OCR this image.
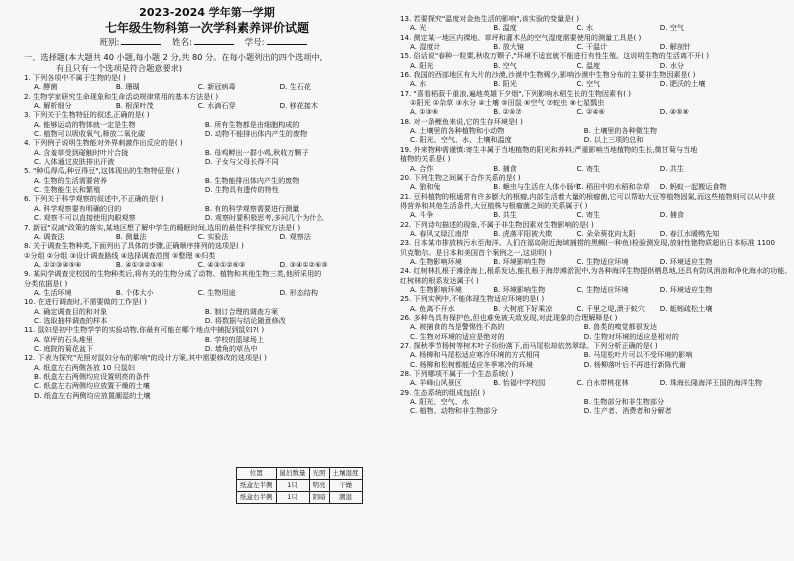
2023-2024 学年第一学期
七年级生物科第一次学科素养评价试题
班别:	姓名:	学号:
一、选择题(本大题共 40 小题,每小题 2 分,共 80 分。在每小题列出的四个选项中,
有且只有一个选项是符合题意要求)
1. 下列各项中不属于生物的是( )
A. 酵菌	B. 珊瑚	C. 新冠病毒	D. 生石花
2. 生物学家研究生命现象和生命活动规律常用的基本方法是( )
A. 解析细分	B. 根深叶茂	C. 水滴石穿	D. 移花接木
3. 下列关于生物特征的叙述,正确的是( )
A. 能够运动的物体就一定是生物	B. 所有生物都是由细胞构成的
C. 植物可以吸收氧气,释放二氧化碳	D. 动物不能排出体内产生的废物
4. 下列例子说明生物能对外界刺激作出反应的是( )
A. 含羞草受到碰触时叶片合拢	B. 母鸡孵出一群小鸡,秋收万颗子
C. 人体通过皮肤排出汗液	D. 子女与父母长得不同
5. "种瓜得瓜,种豆得豆",这体现出的生物特征是( )
A. 生物的生活需要营养	B. 生物能排出体内产生的废物
C. 生物能生长和繁殖	D. 生物具有遗传的特性
6. 下列关于科学观察的叙述中,不正确的是( )
A. 科学观察要有明确的目的	B. 有的科学观察需要进行测量
C. 观察不可以直接使用肉眼观察	D. 观察时要积极思考,多问几个为什么
7. 新冠"双减"政策的落实,某地区想了解中学生的睡眠时间,选用的最佳科学探究方法是( )
A. 调查法	B. 测量法	C. 实验法	D. 观察法
8. 关于调查生物种类,下面列出了具体的步骤,正确顺序排列的选项是( )
①分组 ②分组 ③设计调查路线 ④选择调查范围 ⑤整理 ⑥归类
A. ①②③④⑤⑥	B. ④①③②⑤⑥	C. ④③①②⑥⑤	D. ③④①②⑥⑤
9. 某同学调查完校园的生物种类后,将有关的生物分成了动物、植物和其他生物三类,他所采用的
分类依据是( )
A. 生活环境	B. 个体大小	C. 生物用途	D. 形态结构
10. 在进行调查时,不需要做的工作是( )
A. 确定调查目的和对象	B. 制订合理的调查方案
C. 选取抽样调查的样本	D. 将数据与结论随意修改
11. 鼠妇是初中生物学学的实验动物,你最有可能在哪个地点中捕捉到鼠妇?( )
A. 草坪的石头堆里	B. 学校的篮球场上
C. 庭院的菊花盆下	D. 墙角的草丛中
12. 下表为探究"光照对鼠妇分布的影响"的设计方案,其中需要修改的选项是( )
A. 纸盒左右两侧各放 10 只鼠妇
B. 纸盒左右两侧均应设置明亮的条件
C. 纸盒左右两侧均应放置干燥的土壤
D. 纸盒左右两侧均应放置潮湿的土壤
位置	鼠妇数量	光照	土壤湿度
纸盒左半侧	1只	明亮	干燥
纸盒右半侧	1只	阴暗	潮湿
13. 若要探究"温度对金鱼生活的影响",该实验的变量是( )
A. 光	B. 温度	C. 水	D. 空气
14. 测定某一地区内裸地、草坪和灌木丛的空气湿度需要使用的测量工具是( )
A. 湿度计	B. 放大镜	C. 干温计	D. 解剖针
15. 俗话说"春种一粒粟,秋收万颗子,"环境不适宜就不能进行有性生殖。这说明生物的生活离不开( )
A. 阳光	B. 空气	C. 温度	D. 水分
16. 我国的西部地区有大片的沙漠,沙漠中生物稀少,影响沙漠中生物分布的主要非生物因素是( )
A. 水	B. 阳光	C. 空气	D. 肥沃的土壤
17. "喜看稻菽千重浪,遍地英雄下夕烟",下列影响水稻生长的生物因素有( )
①阳光 ②杂草 ③水分 ④土壤 ⑤田鼠 ⑥空气 ⑦蛇虫 ⑧七星瓢虫
A. ①③⑥	B. ②⑤⑦	C. ②④⑥	D. ④⑤⑧
18. 对一条鲤鱼来说,它的生存环境是( )
A. 土壤里的各种植物和小动物	B. 土壤里的各种微生物
C. 阳光、空气、水、土壤和温度	D. 以上三项的总和
19. 外来物种需谨慎:寄生丰属于当地植物的阳光和养料;严重影响当地植物的生长,微甘菊与当地
植物的关系是( )
A. 合作	B. 捕食	C. 寄生	D. 共生
20. 下列生物之间属于合作关系的是( )
A. 狼和兔	B. 蛔虫与生活在人体小肠中C. 稻田中的水稻和杂草 D. 蚂蚁一起搬运食物
21. 豆科植物的根通常有许多膨大的根瘤,内部生活着大量的根瘤菌,它可以帮助大豆等植物固氮,而这些植物则可以从中获
得营养和其他生活条件,大豆植株与根瘤菌之间的关系属于( )
A. 斗争	B. 共生	C. 寄生	D. 捕食
22. 下列诗句描述的现象,不属于非生物因素对生物影响的是( )
A. 春风又绿江南岸	B. 虎落平阳被犬欺	C. 朵朵葵花向太阳	D. 春江水暖鸭先知
23. 日本某市排放核污水至海洋。人们在福岛附近海域捕捞的黑鲷(一种鱼)检验测发现,放射性铯物质超出日本标准 1100
贝克勒尔。是日本和美国首个案例之一,这说明( )
A. 生物影响环境	B. 环境影响生物	C. 生物适应环境	D. 环境适应生物
24. 红树林扎根于滩涂海上,根系发达,能扎根于海岸滩淤泥中,为各种海洋生物提供栖息地,还具有防风消浪和净化海水的功能。
红树林的根系发达属于( )
A. 生物影响环境	B. 环境影响生物	C. 生物适应环境	D. 环境适应生物
25. 下列实例中,不能体现生物适应环境的是( )
A. 鱼离不开水	B. 大树底下好乘凉	C. 千里之堤,溃于蚁穴 D. 蚯蚓疏松土壤
26. 多种鸟具有保护色,但也难免被天敌发现,对此现象的合理解释是( )
A. 被捕食的鸟是警惕性不高的	B. 兽类的嗅觉都很发达
C. 生物对环境的适应是绝对的	D. 生物对环境的适应是相对的
27. 探秋季节杨树等树木叶子纷纷落下,而马尾松却依然翠绿。下列分析正确的是( )
A. 杨柳和马尾松适应寒冷环境的方式相同	B. 马尾松叶片可以不受环境的影响
C. 杨柳和松树都能适应冬季寒冷的环境	D. 杨柳落叶后不再进行新陈代谢
28. 下列哪项不属于一个生态系统( )
A. 羊峰山风景区	B. 怡福中学校园	C. 白水带桃花林	D. 珠海长隆海洋王国的海洋生物
29. 生态系统的组成包括( )
A. 阳光、空气、水	B. 生物部分和非生物部分
C. 植物、动物和非生物部分	D. 生产者、消费者和分解者
